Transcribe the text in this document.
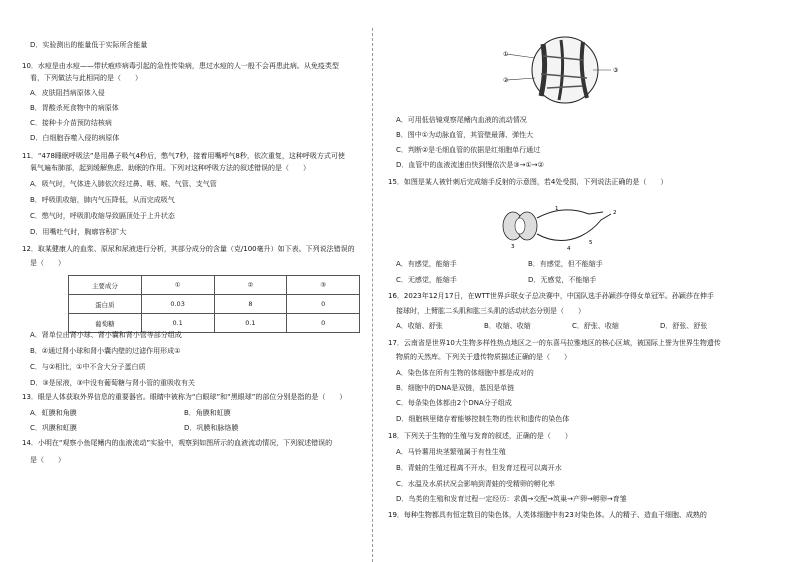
D．实验测出的能量低于实际所含能量
10．水痘是由水痘——带状疱疹病毒引起的急性传染病，患过水痘的人一般不会再患此病。从免疫类型
看，下列做法与此相同的是（　　）
A．皮肤阻挡病原体入侵
B．胃酸杀死食物中的病原体
C．接种卡介苗预防结核病
D．白细胞吞噬入侵的病原体
11．“478睡眠呼吸法”是用鼻子吸气4秒后，憋气7秒，接着用嘴呼气8秒，依次重复，这种呼吸方式可使
氧气遍布肺部，起到缓解焦虑、助眠的作用。下列对这种呼吸方法的叙述错误的是（　　）
A．吸气时，气体进入肺依次经过鼻、咽、喉、气管、支气管
B．呼吸肌收缩，肺内气压降低，从而完成吸气
C．憋气时，呼吸肌收缩导致膈顶处于上升状态
D．用嘴吐气时，胸廓容积扩大
12．取某健康人的血浆、原尿和尿液进行分析，其部分成分的含量（克/100毫升）如下表。下列说法错误的
是（　　）
主要成分	①	②	③
蛋白质	0.03	8	0
葡萄糖	0.1	0.1	0
A．肾单位由肾小球、肾小囊和肾小管等部分组成
B．②通过肾小球和肾小囊内壁的过滤作用形成①
C．与②相比，①中不含大分子蛋白质
D．③是尿液，③中没有葡萄糖与肾小管的重吸收有关
13．眼是人体获取外界信息的重要器官。眼睛中被称为“白眼球”和“黑眼球”的部位分别是指的是（　　）
A．虹膜和角膜	B．角膜和虹膜
C．巩膜和虹膜	D．巩膜和脉络膜
14．小明在“观察小鱼尾鳍内的血液流动”实验中，观察到如图所示的血液流动情况，下列叙述错误的
是（　　）
①
②
③
A．可用低倍镜观察尾鳍内血液的流动情况
B．图中①为动脉血管，其管壁最薄、弹性大
C．判断②是毛细血管的依据是红细胞单行通过
D．血管中的血液流速由快到慢依次是③→①→②
15．如图是某人被针刺后完成缩手反射的示意图，若4处受损，下列说法正确的是（　　）
1
2
3	4
5
A．有感觉，能缩手	B．有感觉，但不能缩手
C．无感觉，能缩手	D．无感觉，不能缩手
16．2023年12月17日，在WTT世界乒联女子总决赛中，中国队选手孙颖莎夺得女单冠军。孙颖莎在伸手
接球时，上臂肱二头肌和肱三头肌的活动状态分别是（　　）
A．收缩、舒张	B．收缩、收缩	C．舒张、收缩	D．舒张、舒张
17．云南省是世界10大生物多样性热点地区之一的东喜马拉雅地区的核心区域，被国际上誉为世界生物遗传
物质的天然库。下列关于遗传物质描述正确的是（　　）
A．染色体在所有生物的体细胞中都是成对的
B．细胞中的DNA是双链，基因是单链
C．每条染色体都由2个DNA分子组成
D．细胞核里储存着能够控制生物的性状和遗传的染色体
18．下列关于生物的生殖与发育的叙述，正确的是（　　）
A．马铃薯用块茎繁殖属于有性生殖
B．青蛙的生殖过程离不开水，但发育过程可以离开水
C．水温及水质状况会影响到青蛙的受精卵的孵化率
D．鸟类的生殖和发育过程一定经历：求偶→交配→筑巢→产卵→孵卵→育雏
19．每种生物都具有恒定数目的染色体，人类体细胞中有23对染色体。人的精子、造血干细胞、成熟的
